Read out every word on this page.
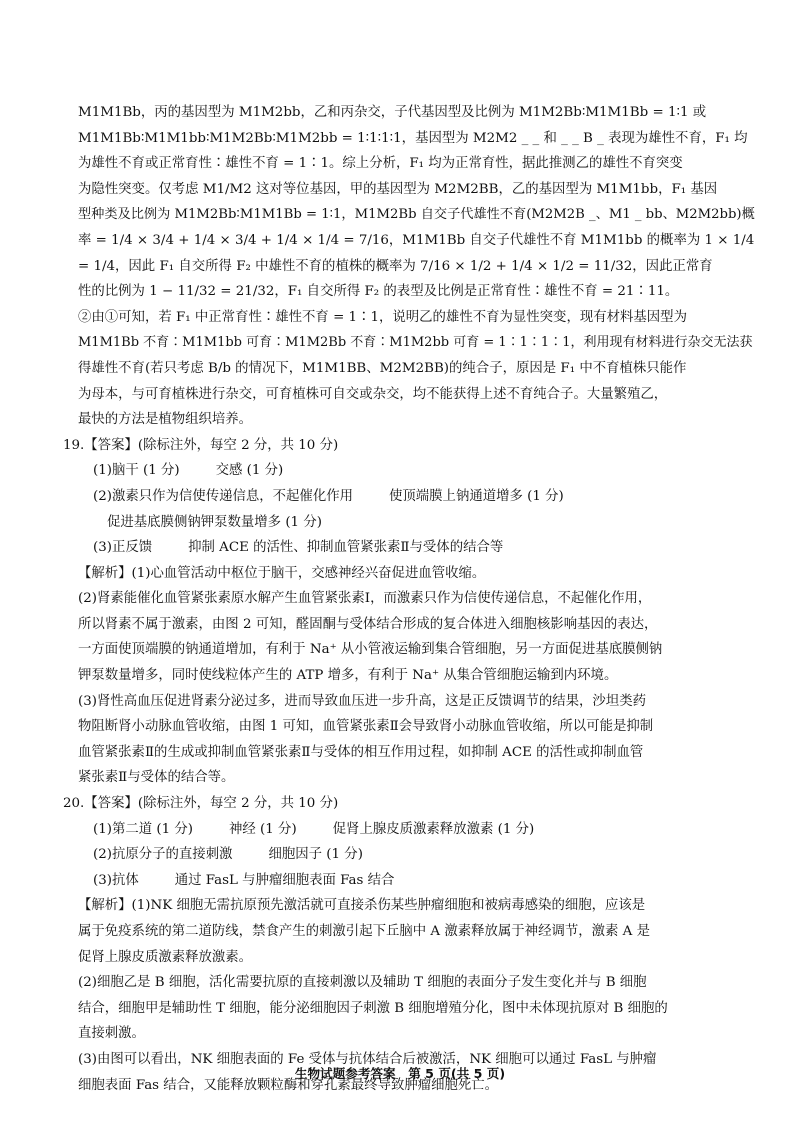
M1M1Bb，丙的基因型为 M1M2bb，乙和丙杂交，子代基因型及比例为 M1M2Bb∶M1M1Bb = 1∶1 或

M1M1Bb∶M1M1bb∶M1M2Bb∶M1M2bb = 1∶1∶1∶1，基因型为 M2M2 _ _ 和 _ _ B _ 表现为雄性不育，F₁ 均

为雄性不育或正常育性∶雄性不育 = 1∶1。综上分析，F₁ 均为正常育性，据此推测乙的雄性不育突变

为隐性突变。仅考虑 M1/M2 这对等位基因，甲的基因型为 M2M2BB，乙的基因型为 M1M1bb，F₁ 基因

型种类及比例为 M1M2Bb∶M1M1Bb = 1∶1，M1M2Bb 自交子代雄性不育(M2M2B _、M1 _ bb、M2M2bb)概

率 = 1/4 × 3/4 + 1/4 × 3/4 + 1/4 × 1/4 = 7/16，M1M1Bb 自交子代雄性不育 M1M1bb 的概率为 1 × 1/4

= 1/4，因此 F₁ 自交所得 F₂ 中雄性不育的植株的概率为 7/16 × 1/2 + 1/4 × 1/2 = 11/32，因此正常育

性的比例为 1 − 11/32 = 21/32，F₁ 自交所得 F₂ 的表型及比例是正常育性∶雄性不育 = 21∶11。

②由①可知，若 F₁ 中正常育性∶雄性不育 = 1∶1，说明乙的雄性不育为显性突变，现有材料基因型为

M1M1Bb 不育∶M1M1bb 可育∶M1M2Bb 不育∶M1M2bb 可育 = 1∶1∶1∶1，利用现有材料进行杂交无法获

得雄性不育(若只考虑 B/b 的情况下，M1M1BB、M2M2BB)的纯合子，原因是 F₁ 中不育植株只能作

为母本，与可育植株进行杂交，可育植株可自交或杂交，均不能获得上述不育纯合子。大量繁殖乙，

最快的方法是植物组织培养。

19.【答案】(除标注外，每空 2 分，共 10 分)

(1)脑干 (1 分)	交感 (1 分)

(2)激素只作为信使传递信息，不起催化作用	使顶端膜上钠通道增多 (1 分)

促进基底膜侧钠钾泵数量增多 (1 分)

(3)正反馈	抑制 ACE 的活性、抑制血管紧张素Ⅱ与受体的结合等

【解析】(1)心血管活动中枢位于脑干，交感神经兴奋促进血管收缩。

(2)肾素能催化血管紧张素原水解产生血管紧张素Ⅰ，而激素只作为信使传递信息，不起催化作用，

所以肾素不属于激素，由图 2 可知，醛固酮与受体结合形成的复合体进入细胞核影响基因的表达，

一方面使顶端膜的钠通道增加，有利于 Na⁺ 从小管液运输到集合管细胞，另一方面促进基底膜侧钠

钾泵数量增多，同时使线粒体产生的 ATP 增多，有利于 Na⁺ 从集合管细胞运输到内环境。

(3)肾性高血压促进肾素分泌过多，进而导致血压进一步升高，这是正反馈调节的结果，沙坦类药

物阻断肾小动脉血管收缩，由图 1 可知，血管紧张素Ⅱ会导致肾小动脉血管收缩，所以可能是抑制

血管紧张素Ⅱ的生成或抑制血管紧张素Ⅱ与受体的相互作用过程，如抑制 ACE 的活性或抑制血管

紧张素Ⅱ与受体的结合等。

20.【答案】(除标注外，每空 2 分，共 10 分)

(1)第二道 (1 分)	神经 (1 分)	促肾上腺皮质激素释放激素 (1 分)

(2)抗原分子的直接刺激	细胞因子 (1 分)

(3)抗体	通过 FasL 与肿瘤细胞表面 Fas 结合

【解析】(1)NK 细胞无需抗原预先激活就可直接杀伤某些肿瘤细胞和被病毒感染的细胞，应该是

属于免疫系统的第二道防线，禁食产生的刺激引起下丘脑中 A 激素释放属于神经调节，激素 A 是

促肾上腺皮质激素释放激素。

(2)细胞乙是 B 细胞，活化需要抗原的直接刺激以及辅助 T 细胞的表面分子发生变化并与 B 细胞

结合，细胞甲是辅助性 T 细胞，能分泌细胞因子刺激 B 细胞增殖分化，图中未体现抗原对 B 细胞的

直接刺激。

(3)由图可以看出，NK 细胞表面的 Fe 受体与抗体结合后被激活，NK 细胞可以通过 FasL 与肿瘤

细胞表面 Fas 结合，又能释放颗粒酶和穿孔素最终导致肿瘤细胞死亡。

生物试题参考答案　第 5 页(共 5 页)
